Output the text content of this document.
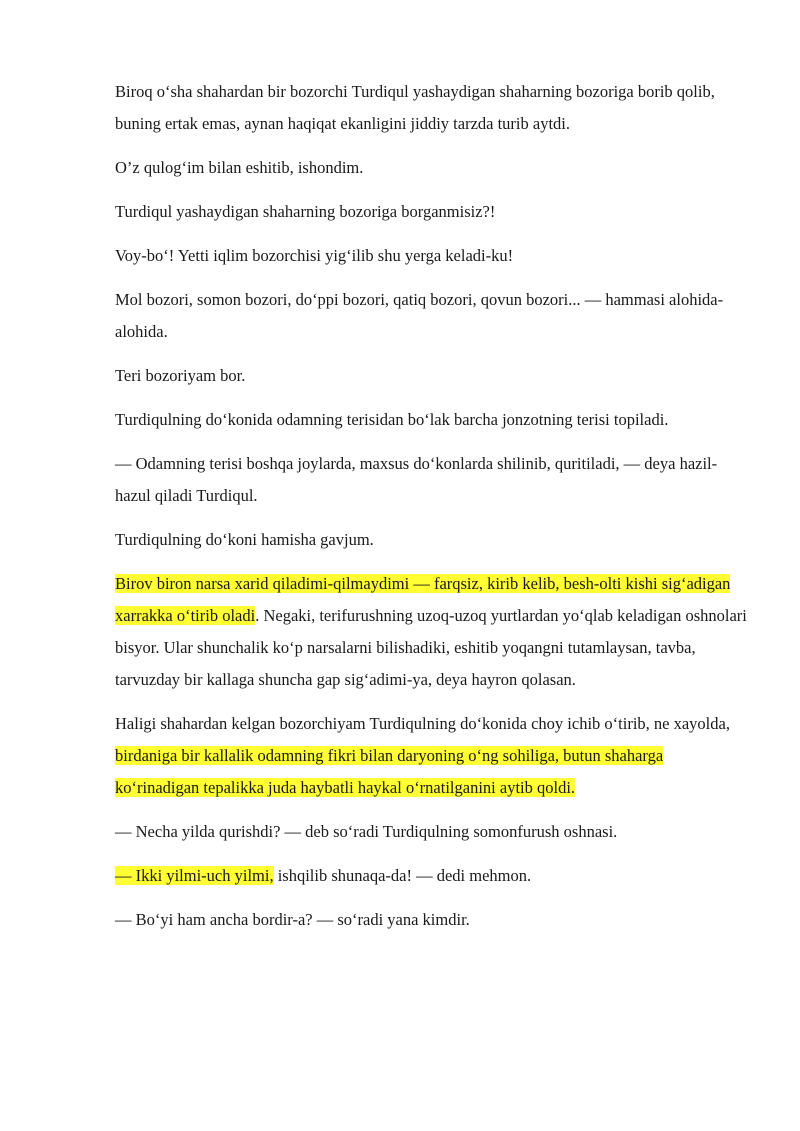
Biroq o‘sha shahardan bir bozorchi Turdiqul yashaydigan shaharning bozoriga borib qolib, buning ertak emas, aynan haqiqat ekanligini jiddiy tarzda turib aytdi.

O’z qulog‘im bilan eshitib, ishondim.

Turdiqul yashaydigan shaharning bozoriga borganmisiz?!

Voy-bo‘! Yetti iqlim bozorchisi yig‘ilib shu yerga keladi-ku!

Mol bozori, somon bozori, do‘ppi bozori, qatiq bozori, qovun bozori... — hammasi alohida-alohida.

Teri bozoriyam bor.

Turdiqulning do‘konida odamning terisidan bo‘lak barcha jonzotning terisi topiladi.

— Odamning terisi boshqa joylarda, maxsus do‘konlarda shilinib, quritiladi, — deya hazil-hazul qiladi Turdiqul.

Turdiqulning do‘koni hamisha gavjum.

Birov biron narsa xarid qiladimi-qilmaydimi — farqsiz, kirib kelib, besh-olti kishi sig‘adigan xarrakka o‘tirib oladi. Negaki, terifurushning uzoq-uzoq yurtlardan yo‘qlab keladigan oshnolari bisyor. Ular shunchalik ko‘p narsalarni bilishadiki, eshitib yoqangni tutamlaysan, tavba, tarvuzday bir kallaga shuncha gap sig‘adimi-ya, deya hayron qolasan.

Haligi shahardan kelgan bozorchiyam Turdiqulning do‘konida choy ichib o‘tirib, ne xayolda, birdaniga bir kallalik odamning fikri bilan daryoning o‘ng sohiliga, butun shaharga ko‘rinadigan tepalikka juda haybatli haykal o‘rnatilganini aytib qoldi.

— Necha yilda qurishdi? — deb so‘radi Turdiqulning somonfurush oshnasi.

— Ikki yilmi-uch yilmi, ishqilib shunaqa-da! — dedi mehmon.

— Bo‘yi ham ancha bordir-a? — so‘radi yana kimdir.
